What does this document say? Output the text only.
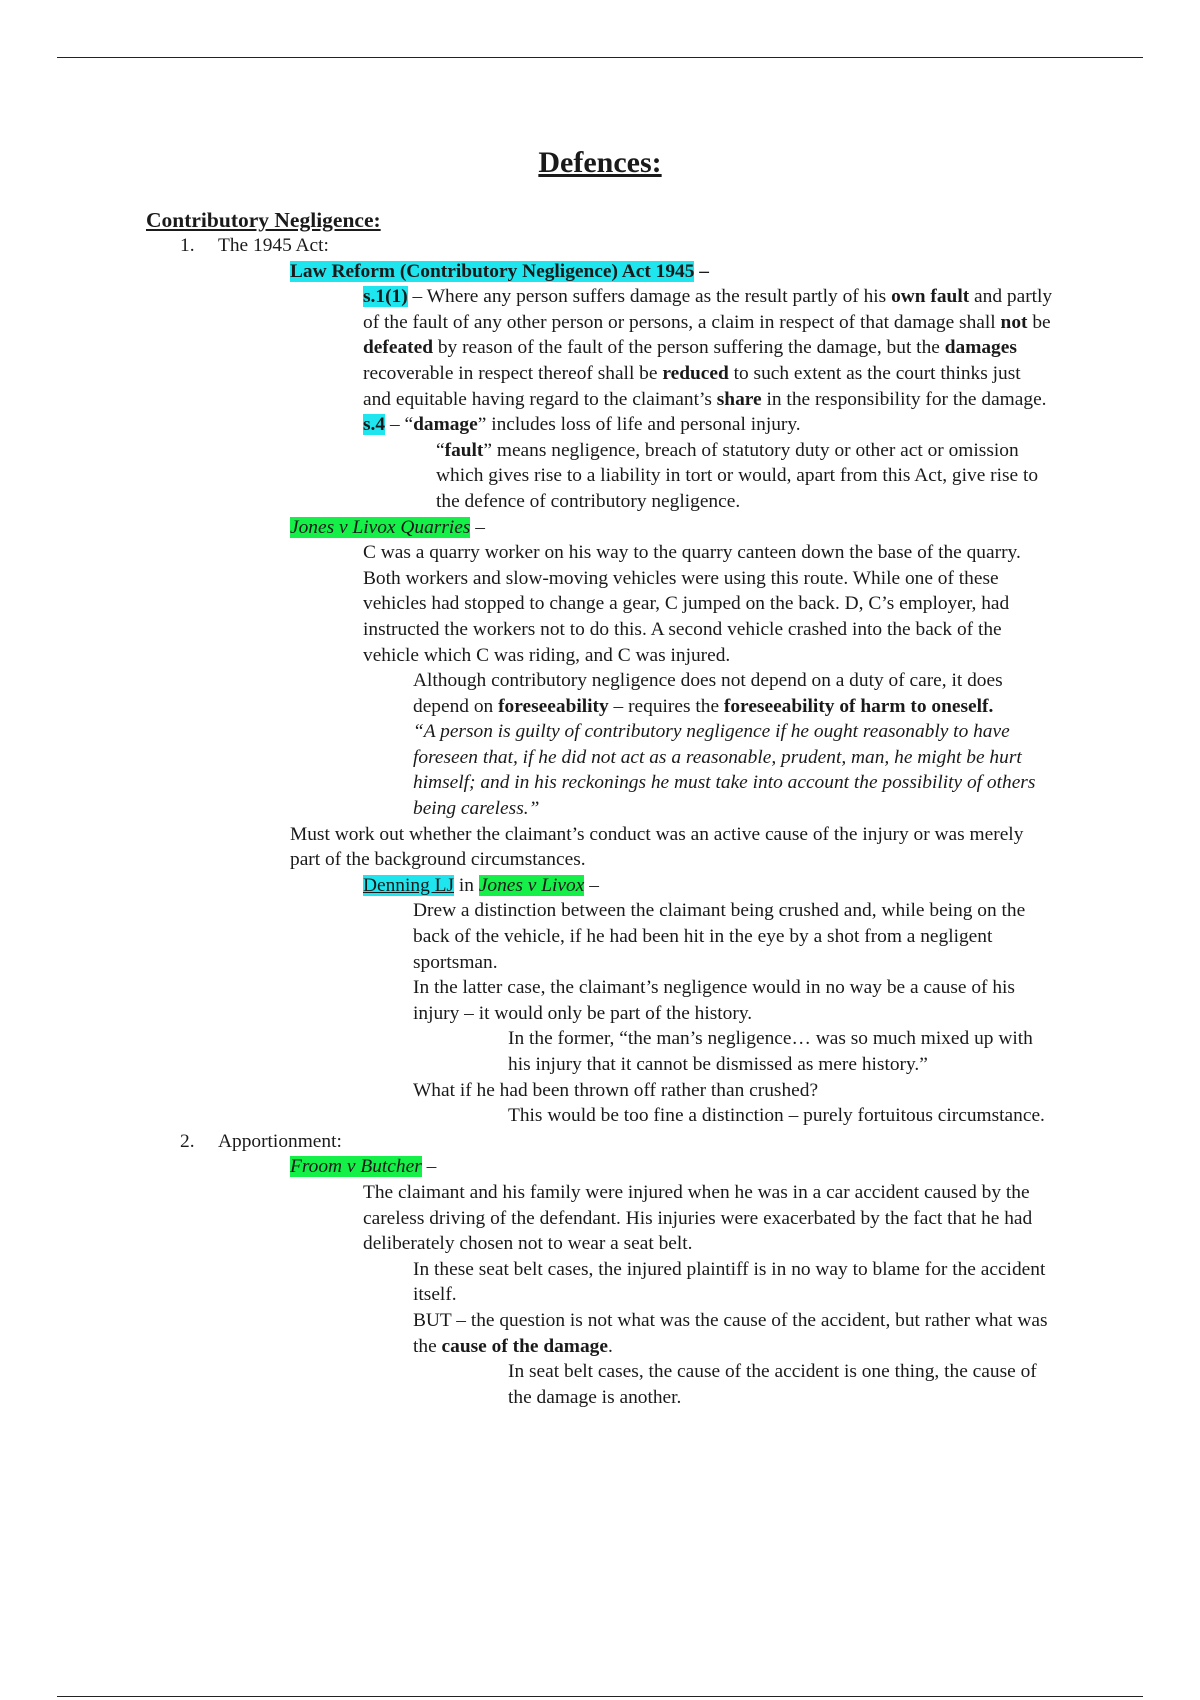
Defences:

Contributory Negligence:

1. The 1945 Act:

Law Reform (Contributory Negligence) Act 1945 –

s.1(1) – Where any person suffers damage as the result partly of his own fault and partly of the fault of any other person or persons, a claim in respect of that damage shall not be defeated by reason of the fault of the person suffering the damage, but the damages recoverable in respect thereof shall be reduced to such extent as the court thinks just and equitable having regard to the claimant’s share in the responsibility for the damage.

s.4 – “damage” includes loss of life and personal injury.

“fault” means negligence, breach of statutory duty or other act or omission which gives rise to a liability in tort or would, apart from this Act, give rise to the defence of contributory negligence.

Jones v Livox Quarries –

C was a quarry worker on his way to the quarry canteen down the base of the quarry. Both workers and slow-moving vehicles were using this route. While one of these vehicles had stopped to change a gear, C jumped on the back. D, C’s employer, had instructed the workers not to do this. A second vehicle crashed into the back of the vehicle which C was riding, and C was injured.

Although contributory negligence does not depend on a duty of care, it does depend on foreseeability – requires the foreseeability of harm to oneself.

“A person is guilty of contributory negligence if he ought reasonably to have foreseen that, if he did not act as a reasonable, prudent, man, he might be hurt himself; and in his reckonings he must take into account the possibility of others being careless.”

Must work out whether the claimant’s conduct was an active cause of the injury or was merely part of the background circumstances.

Denning LJ in Jones v Livox –

Drew a distinction between the claimant being crushed and, while being on the back of the vehicle, if he had been hit in the eye by a shot from a negligent sportsman.

In the latter case, the claimant’s negligence would in no way be a cause of his injury – it would only be part of the history.

In the former, “the man’s negligence… was so much mixed up with his injury that it cannot be dismissed as mere history.”

What if he had been thrown off rather than crushed?

This would be too fine a distinction – purely fortuitous circumstance.

2. Apportionment:

Froom v Butcher –

The claimant and his family were injured when he was in a car accident caused by the careless driving of the defendant. His injuries were exacerbated by the fact that he had deliberately chosen not to wear a seat belt.

In these seat belt cases, the injured plaintiff is in no way to blame for the accident itself.

BUT – the question is not what was the cause of the accident, but rather what was the cause of the damage.

In seat belt cases, the cause of the accident is one thing, the cause of the damage is another.
